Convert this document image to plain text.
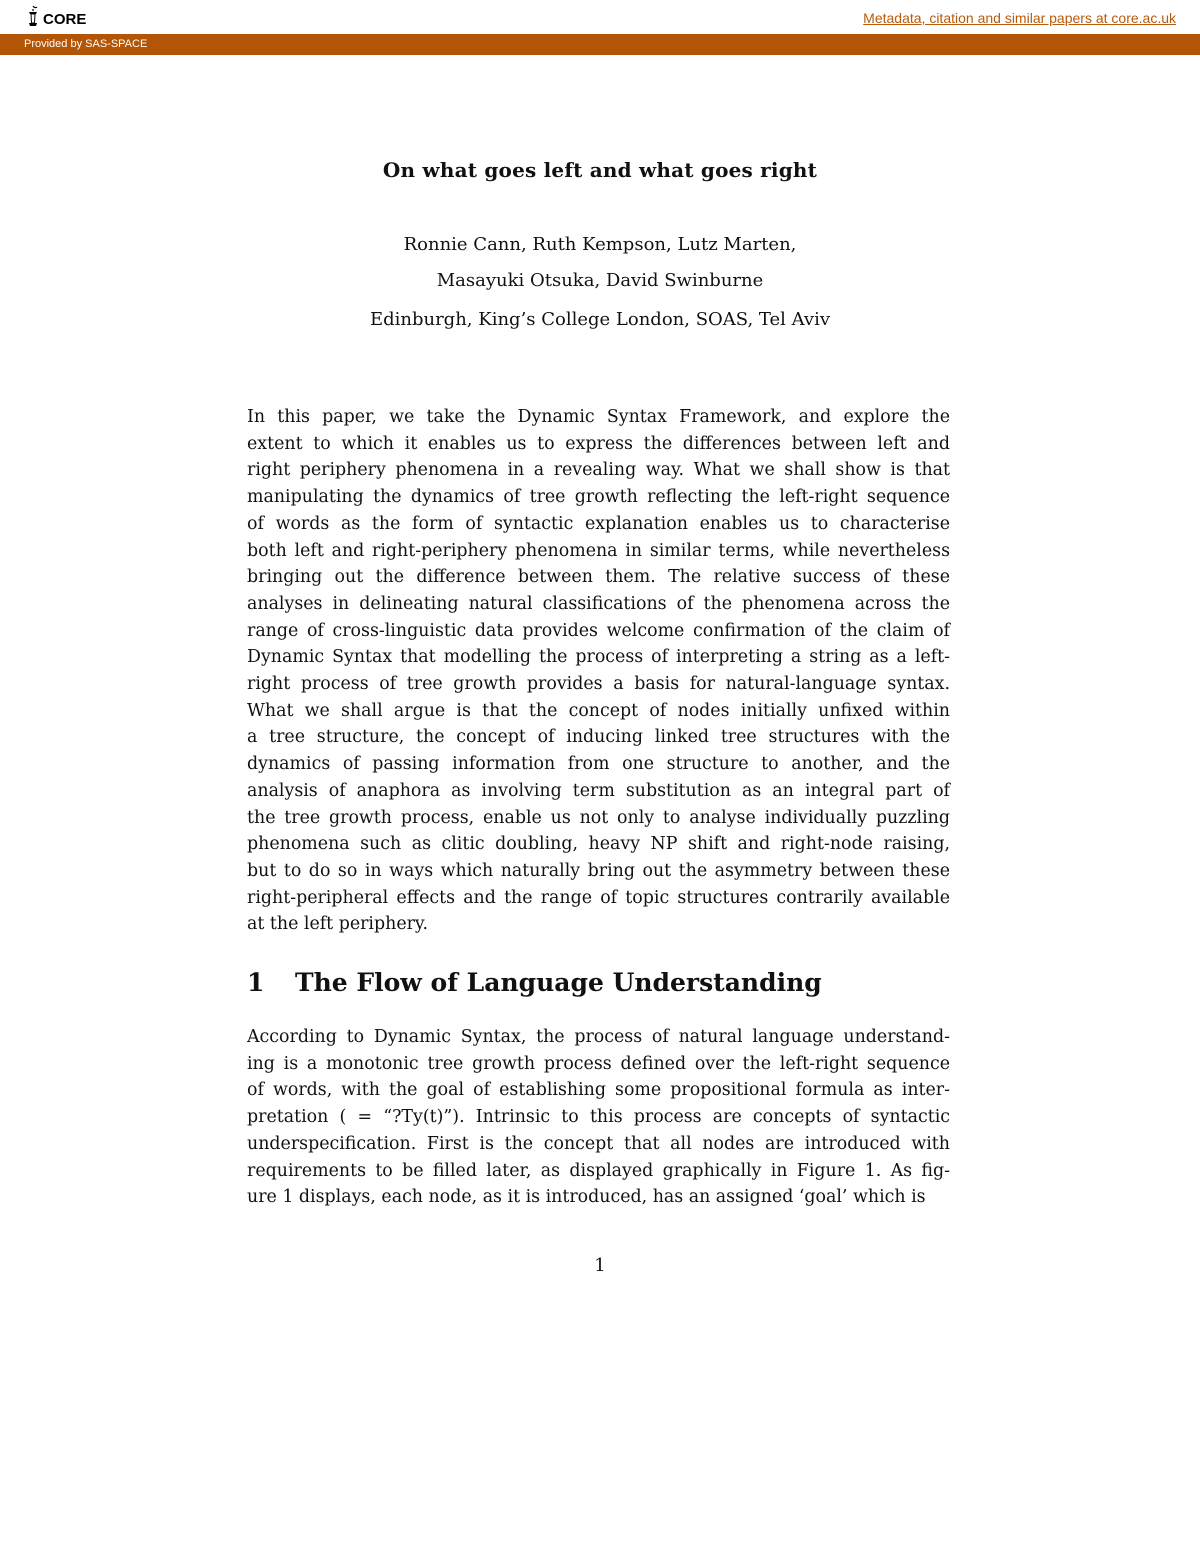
CORE	Metadata, citation and similar papers at core.ac.uk
Provided by SAS-SPACE
On what goes left and what goes right
Ronnie Cann, Ruth Kempson, Lutz Marten,
Masayuki Otsuka, David Swinburne
Edinburgh, King’s College London, SOAS, Tel Aviv
In this paper, we take the Dynamic Syntax Framework, and explore the
extent to which it enables us to express the differences between left and
right periphery phenomena in a revealing way. What we shall show is that
manipulating the dynamics of tree growth reflecting the left-right sequence
of words as the form of syntactic explanation enables us to characterise
both left and right-periphery phenomena in similar terms, while nevertheless
bringing out the difference between them. The relative success of these
analyses in delineating natural classifications of the phenomena across the
range of cross-linguistic data provides welcome confirmation of the claim of
Dynamic Syntax that modelling the process of interpreting a string as a left-
right process of tree growth provides a basis for natural-language syntax.
What we shall argue is that the concept of nodes initially unfixed within
a tree structure, the concept of inducing linked tree structures with the
dynamics of passing information from one structure to another, and the
analysis of anaphora as involving term substitution as an integral part of
the tree growth process, enable us not only to analyse individually puzzling
phenomena such as clitic doubling, heavy NP shift and right-node raising,
but to do so in ways which naturally bring out the asymmetry between these
right-peripheral effects and the range of topic structures contrarily available
at the left periphery.
1	The Flow of Language Understanding
According to Dynamic Syntax, the process of natural language understand-
ing is a monotonic tree growth process defined over the left-right sequence
of words, with the goal of establishing some propositional formula as inter-
pretation ( = “?Ty(t)”). Intrinsic to this process are concepts of syntactic
underspecification. First is the concept that all nodes are introduced with
requirements to be filled later, as displayed graphically in Figure 1. As fig-
ure 1 displays, each node, as it is introduced, has an assigned ‘goal’ which is
1
